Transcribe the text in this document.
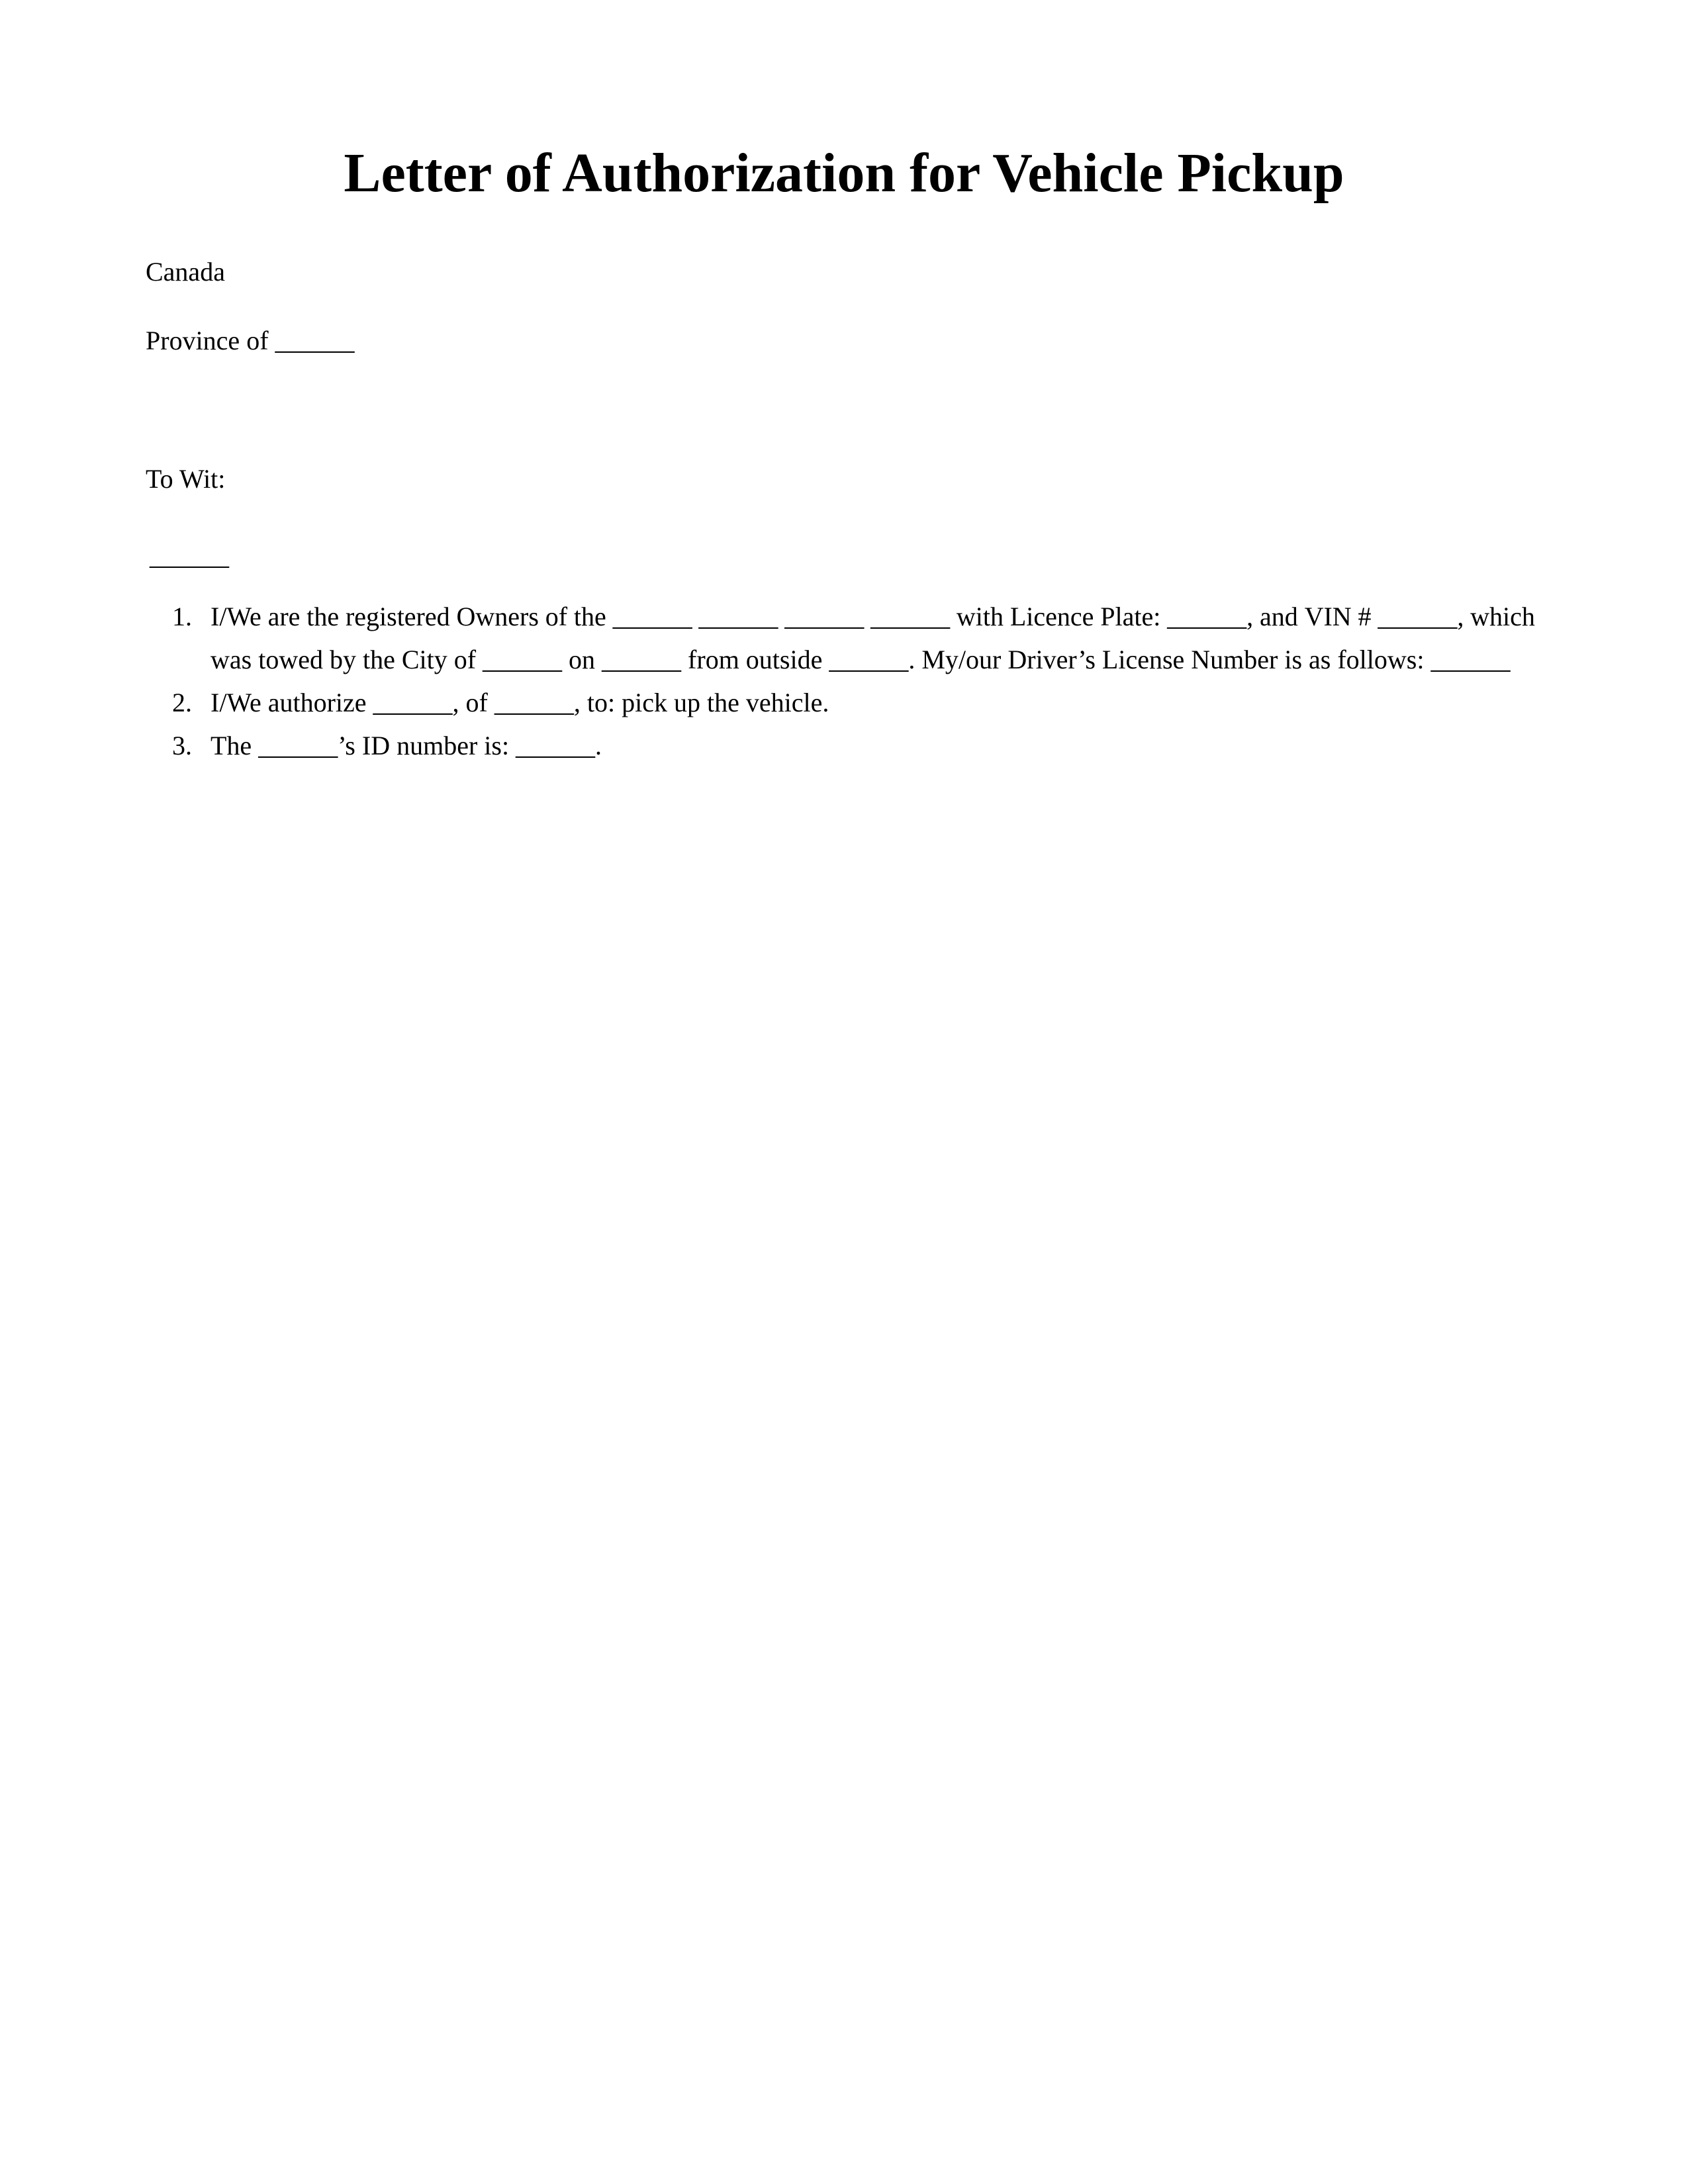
Letter of Authorization for Vehicle Pickup
Canada
Province of ______
To Wit:
______
1. I/We are the registered Owners of the ______ ______ ______ ______ with Licence Plate: ______, and VIN # ______, which
was towed by the City of ______ on ______ from outside ______. My/our Driver’s License Number is as follows: ______
2. I/We authorize ______, of ______, to: pick up the vehicle.
3. The ______’s ID number is: ______.
